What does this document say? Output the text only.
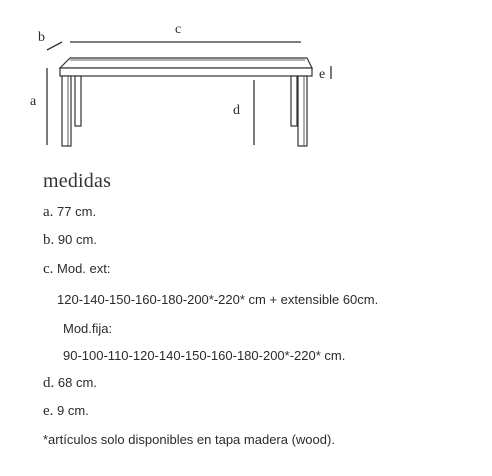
b
c
a
d
e
medidas
a. 77 cm.
b. 90 cm.
c. Mod. ext:
120-140-150-160-180-200*-220* cm + extensible 60cm.
Mod.fija:
90-100-110-120-140-150-160-180-200*-220* cm.
d. 68 cm.
e. 9 cm.
*artículos solo disponibles en tapa madera (wood).
